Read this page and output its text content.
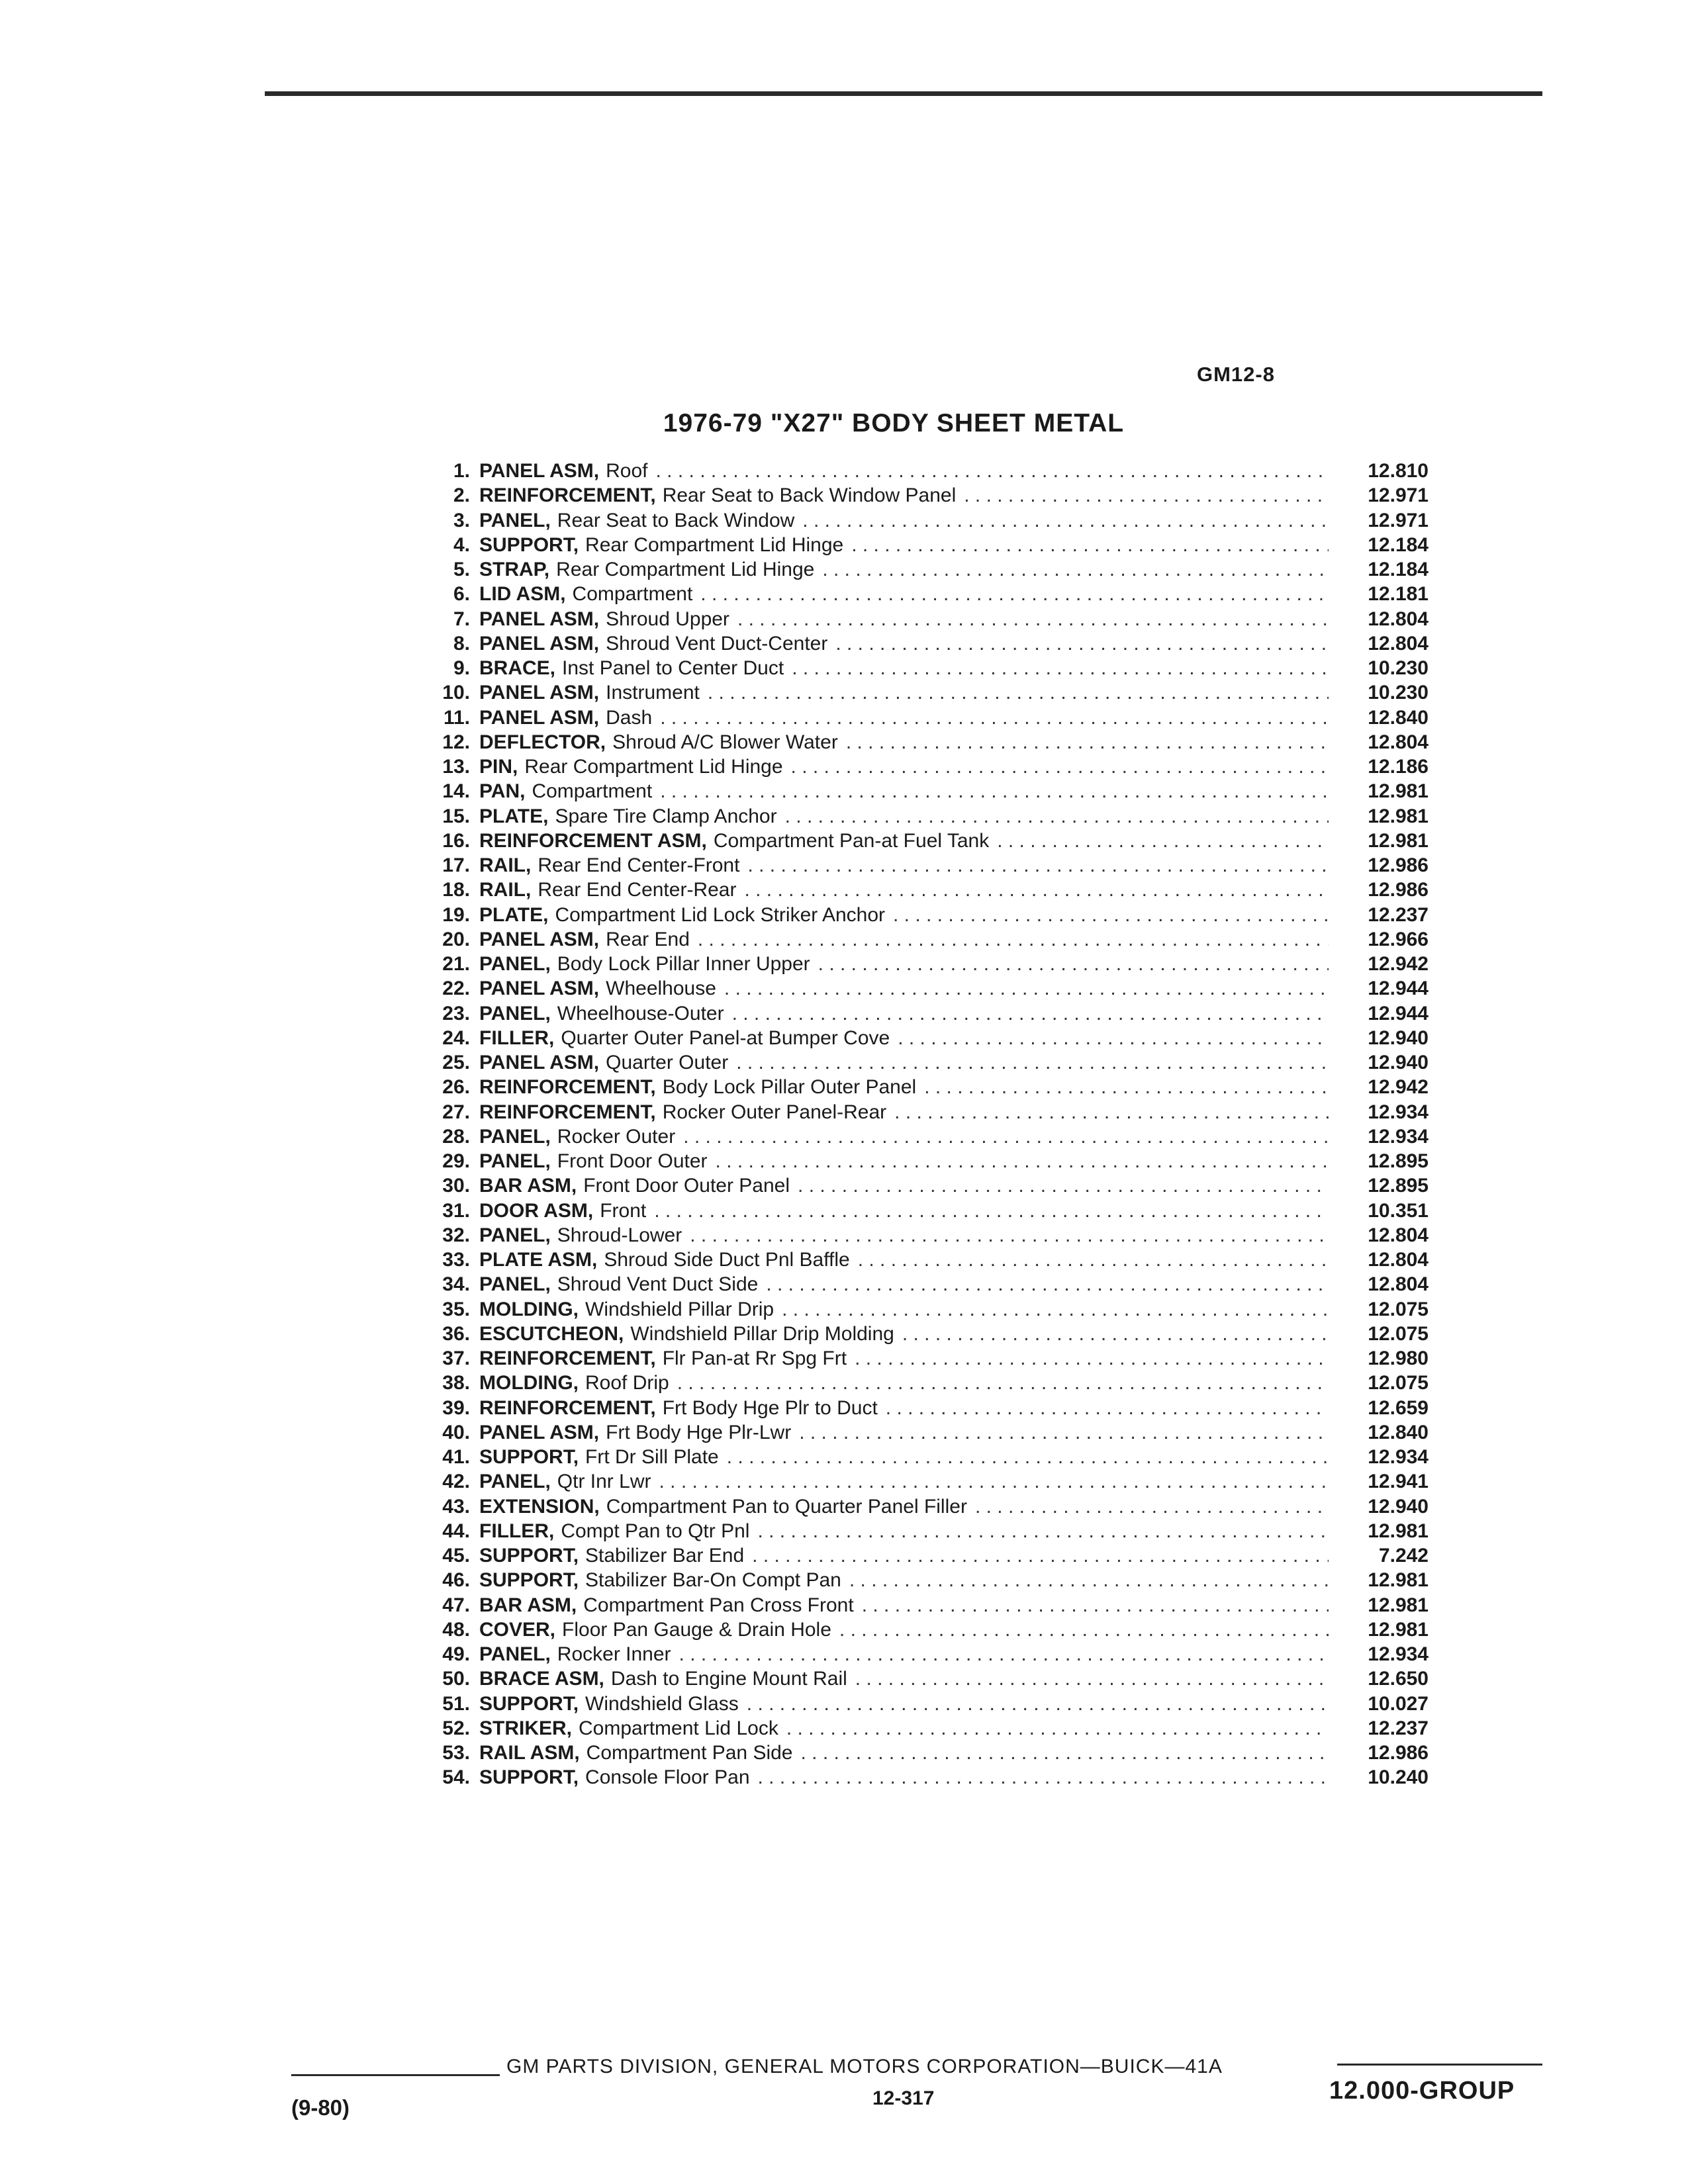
GM12-8
1976-79 "X27" BODY SHEET METAL
1. PANEL ASM, Roof . . .	12.810
2. REINFORCEMENT, Rear Seat to Back Window Panel . . .	12.971
3. PANEL, Rear Seat to Back Window . . .	12.971
4. SUPPORT, Rear Compartment Lid Hinge . . .	12.184
5. STRAP, Rear Compartment Lid Hinge . . .	12.184
6. LID ASM, Compartment . . .	12.181
7. PANEL ASM, Shroud Upper . . .	12.804
8. PANEL ASM, Shroud Vent Duct-Center . . .	12.804
9. BRACE, Inst Panel to Center Duct . . .	10.230
10. PANEL ASM, Instrument . . .	10.230
11. PANEL ASM, Dash . . .	12.840
12. DEFLECTOR, Shroud A/C Blower Water . . .	12.804
13. PIN, Rear Compartment Lid Hinge . . .	12.186
14. PAN, Compartment . . .	12.981
15. PLATE, Spare Tire Clamp Anchor . . .	12.981
16. REINFORCEMENT ASM, Compartment Pan-at Fuel Tank . . .	12.981
17. RAIL, Rear End Center-Front . . .	12.986
18. RAIL, Rear End Center-Rear . . .	12.986
19. PLATE, Compartment Lid Lock Striker Anchor . . .	12.237
20. PANEL ASM, Rear End . . .	12.966
21. PANEL, Body Lock Pillar Inner Upper . . .	12.942
22. PANEL ASM, Wheelhouse . . .	12.944
23. PANEL, Wheelhouse-Outer . . .	12.944
24. FILLER, Quarter Outer Panel-at Bumper Cove . . .	12.940
25. PANEL ASM, Quarter Outer . . .	12.940
26. REINFORCEMENT, Body Lock Pillar Outer Panel . . .	12.942
27. REINFORCEMENT, Rocker Outer Panel-Rear . . .	12.934
28. PANEL, Rocker Outer . . .	12.934
29. PANEL, Front Door Outer . . .	12.895
30. BAR ASM, Front Door Outer Panel . . .	12.895
31. DOOR ASM, Front . . .	10.351
32. PANEL, Shroud-Lower . . .	12.804
33. PLATE ASM, Shroud Side Duct Pnl Baffle . . .	12.804
34. PANEL, Shroud Vent Duct Side . . .	12.804
35. MOLDING, Windshield Pillar Drip . . .	12.075
36. ESCUTCHEON, Windshield Pillar Drip Molding . . .	12.075
37. REINFORCEMENT, Flr Pan-at Rr Spg Frt . . .	12.980
38. MOLDING, Roof Drip . . .	12.075
39. REINFORCEMENT, Frt Body Hge Plr to Duct . . .	12.659
40. PANEL ASM, Frt Body Hge Plr-Lwr . . .	12.840
41. SUPPORT, Frt Dr Sill Plate . . .	12.934
42. PANEL, Qtr Inr Lwr . . .	12.941
43. EXTENSION, Compartment Pan to Quarter Panel Filler . . .	12.940
44. FILLER, Compt Pan to Qtr Pnl . . .	12.981
45. SUPPORT, Stabilizer Bar End . . .	7.242
46. SUPPORT, Stabilizer Bar-On Compt Pan . . .	12.981
47. BAR ASM, Compartment Pan Cross Front . . .	12.981
48. COVER, Floor Pan Gauge & Drain Hole . . .	12.981
49. PANEL, Rocker Inner . . .	12.934
50. BRACE ASM, Dash to Engine Mount Rail . . .	12.650
51. SUPPORT, Windshield Glass . . .	10.027
52. STRIKER, Compartment Lid Lock . . .	12.237
53. RAIL ASM, Compartment Pan Side . . .	12.986
54. SUPPORT, Console Floor Pan . . .	10.240
GM PARTS DIVISION, GENERAL MOTORS CORPORATION—BUICK—41A
12-317
(9-80)
12.000-GROUP
